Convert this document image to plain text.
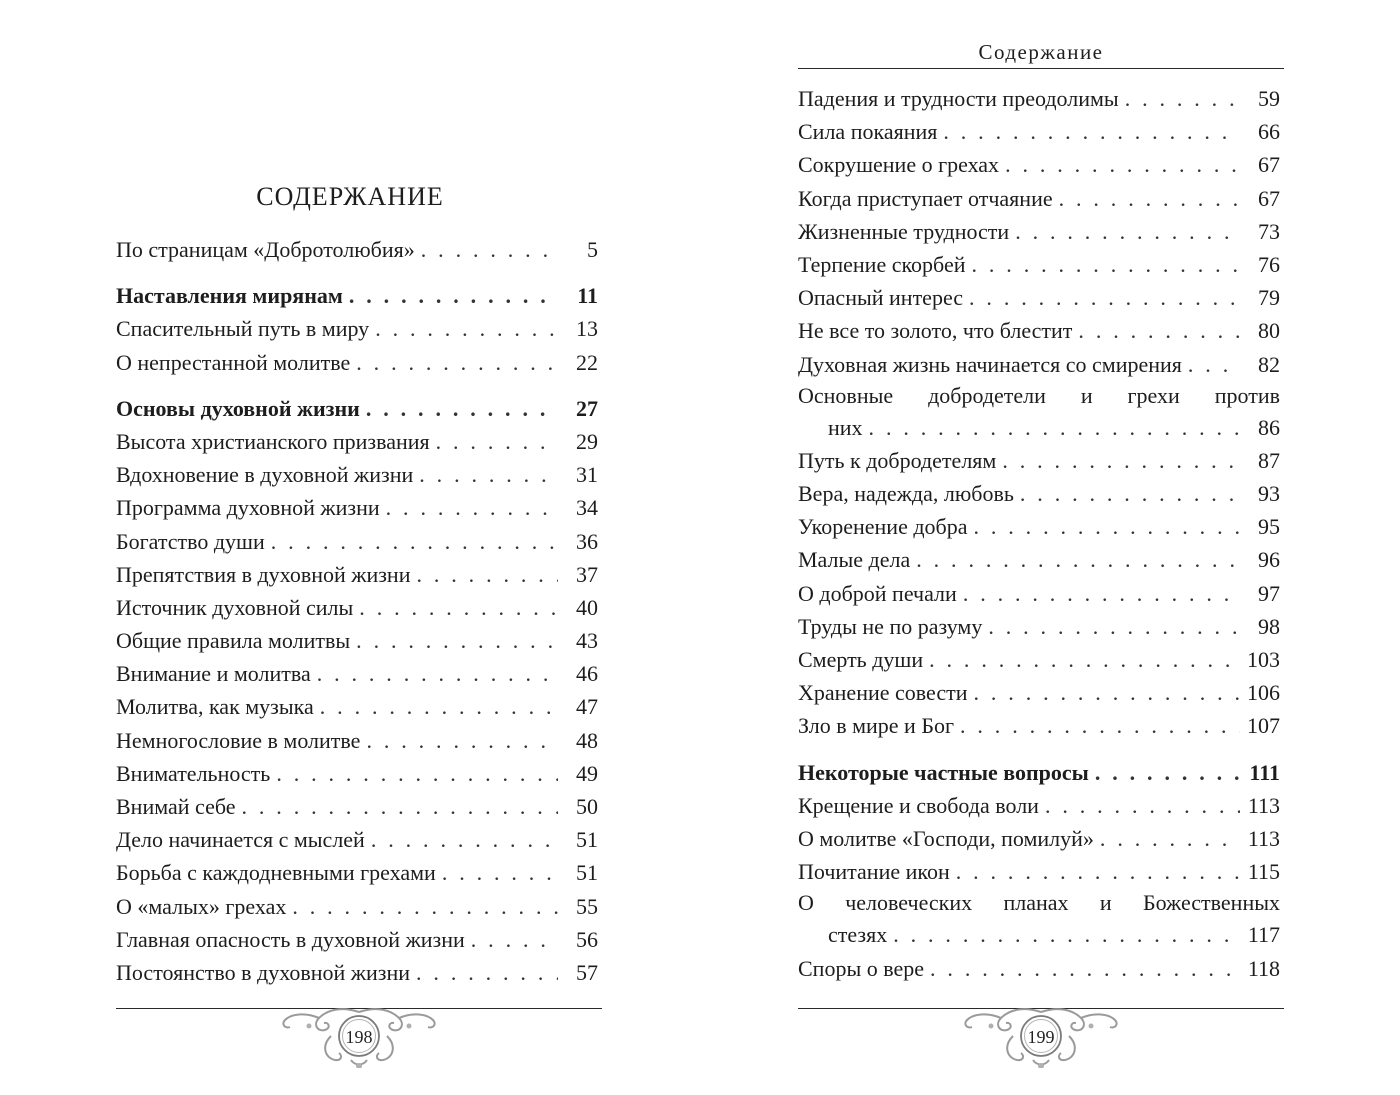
СОДЕРЖАНИЕ
По страницам «Добротолюбия» . . .	5
Наставления мирянам . . .	11
Спасительный путь в миру . . .	13
О непрестанной молитве . . .	22
Основы духовной жизни . . .	27
Высота христианского призвания . . .	29
Вдохновение в духовной жизни . . .	31
Программа духовной жизни . . .	34
Богатство души . . .	36
Препятствия в духовной жизни . . .	37
Источник духовной силы . . .	40
Общие правила молитвы . . .	43
Внимание и молитва . . .	46
Молитва, как музыка . . .	47
Немногословие в молитве . . .	48
Внимательность . . .	49
Внимай себе . . .	50
Дело начинается с мыслей . . .	51
Борьба с каждодневными грехами . . .	51
О «малых» грехах . . .	55
Главная опасность в духовной жизни . . .	56
Постоянство в духовной жизни . . .	57
198
Содержание
Падения и трудности преодолимы . . .	59
Сила покаяния . . .	66
Сокрушение о грехах . . .	67
Когда приступает отчаяние . . .	67
Жизненные трудности . . .	73
Терпение скорбей . . .	76
Опасный интерес . . .	79
Не все то золото, что блестит . . .	80
Духовная жизнь начинается со смирения . . .	82
Основные добродетели и грехи против
них . . .	86
Путь к добродетелям . . .	87
Вера, надежда, любовь . . .	93
Укоренение добра . . .	95
Малые дела . . .	96
О доброй печали . . .	97
Труды не по разуму . . .	98
Смерть души . . .	103
Хранение совести . . .	106
Зло в мире и Бог . . .	107
Некоторые частные вопросы . . .	111
Крещение и свобода воли . . .	113
О молитве «Господи, помилуй» . . .	113
Почитание икон . . .	115
О человеческих планах и Божественных
стезях . . .	117
Споры о вере . . .	118
199
